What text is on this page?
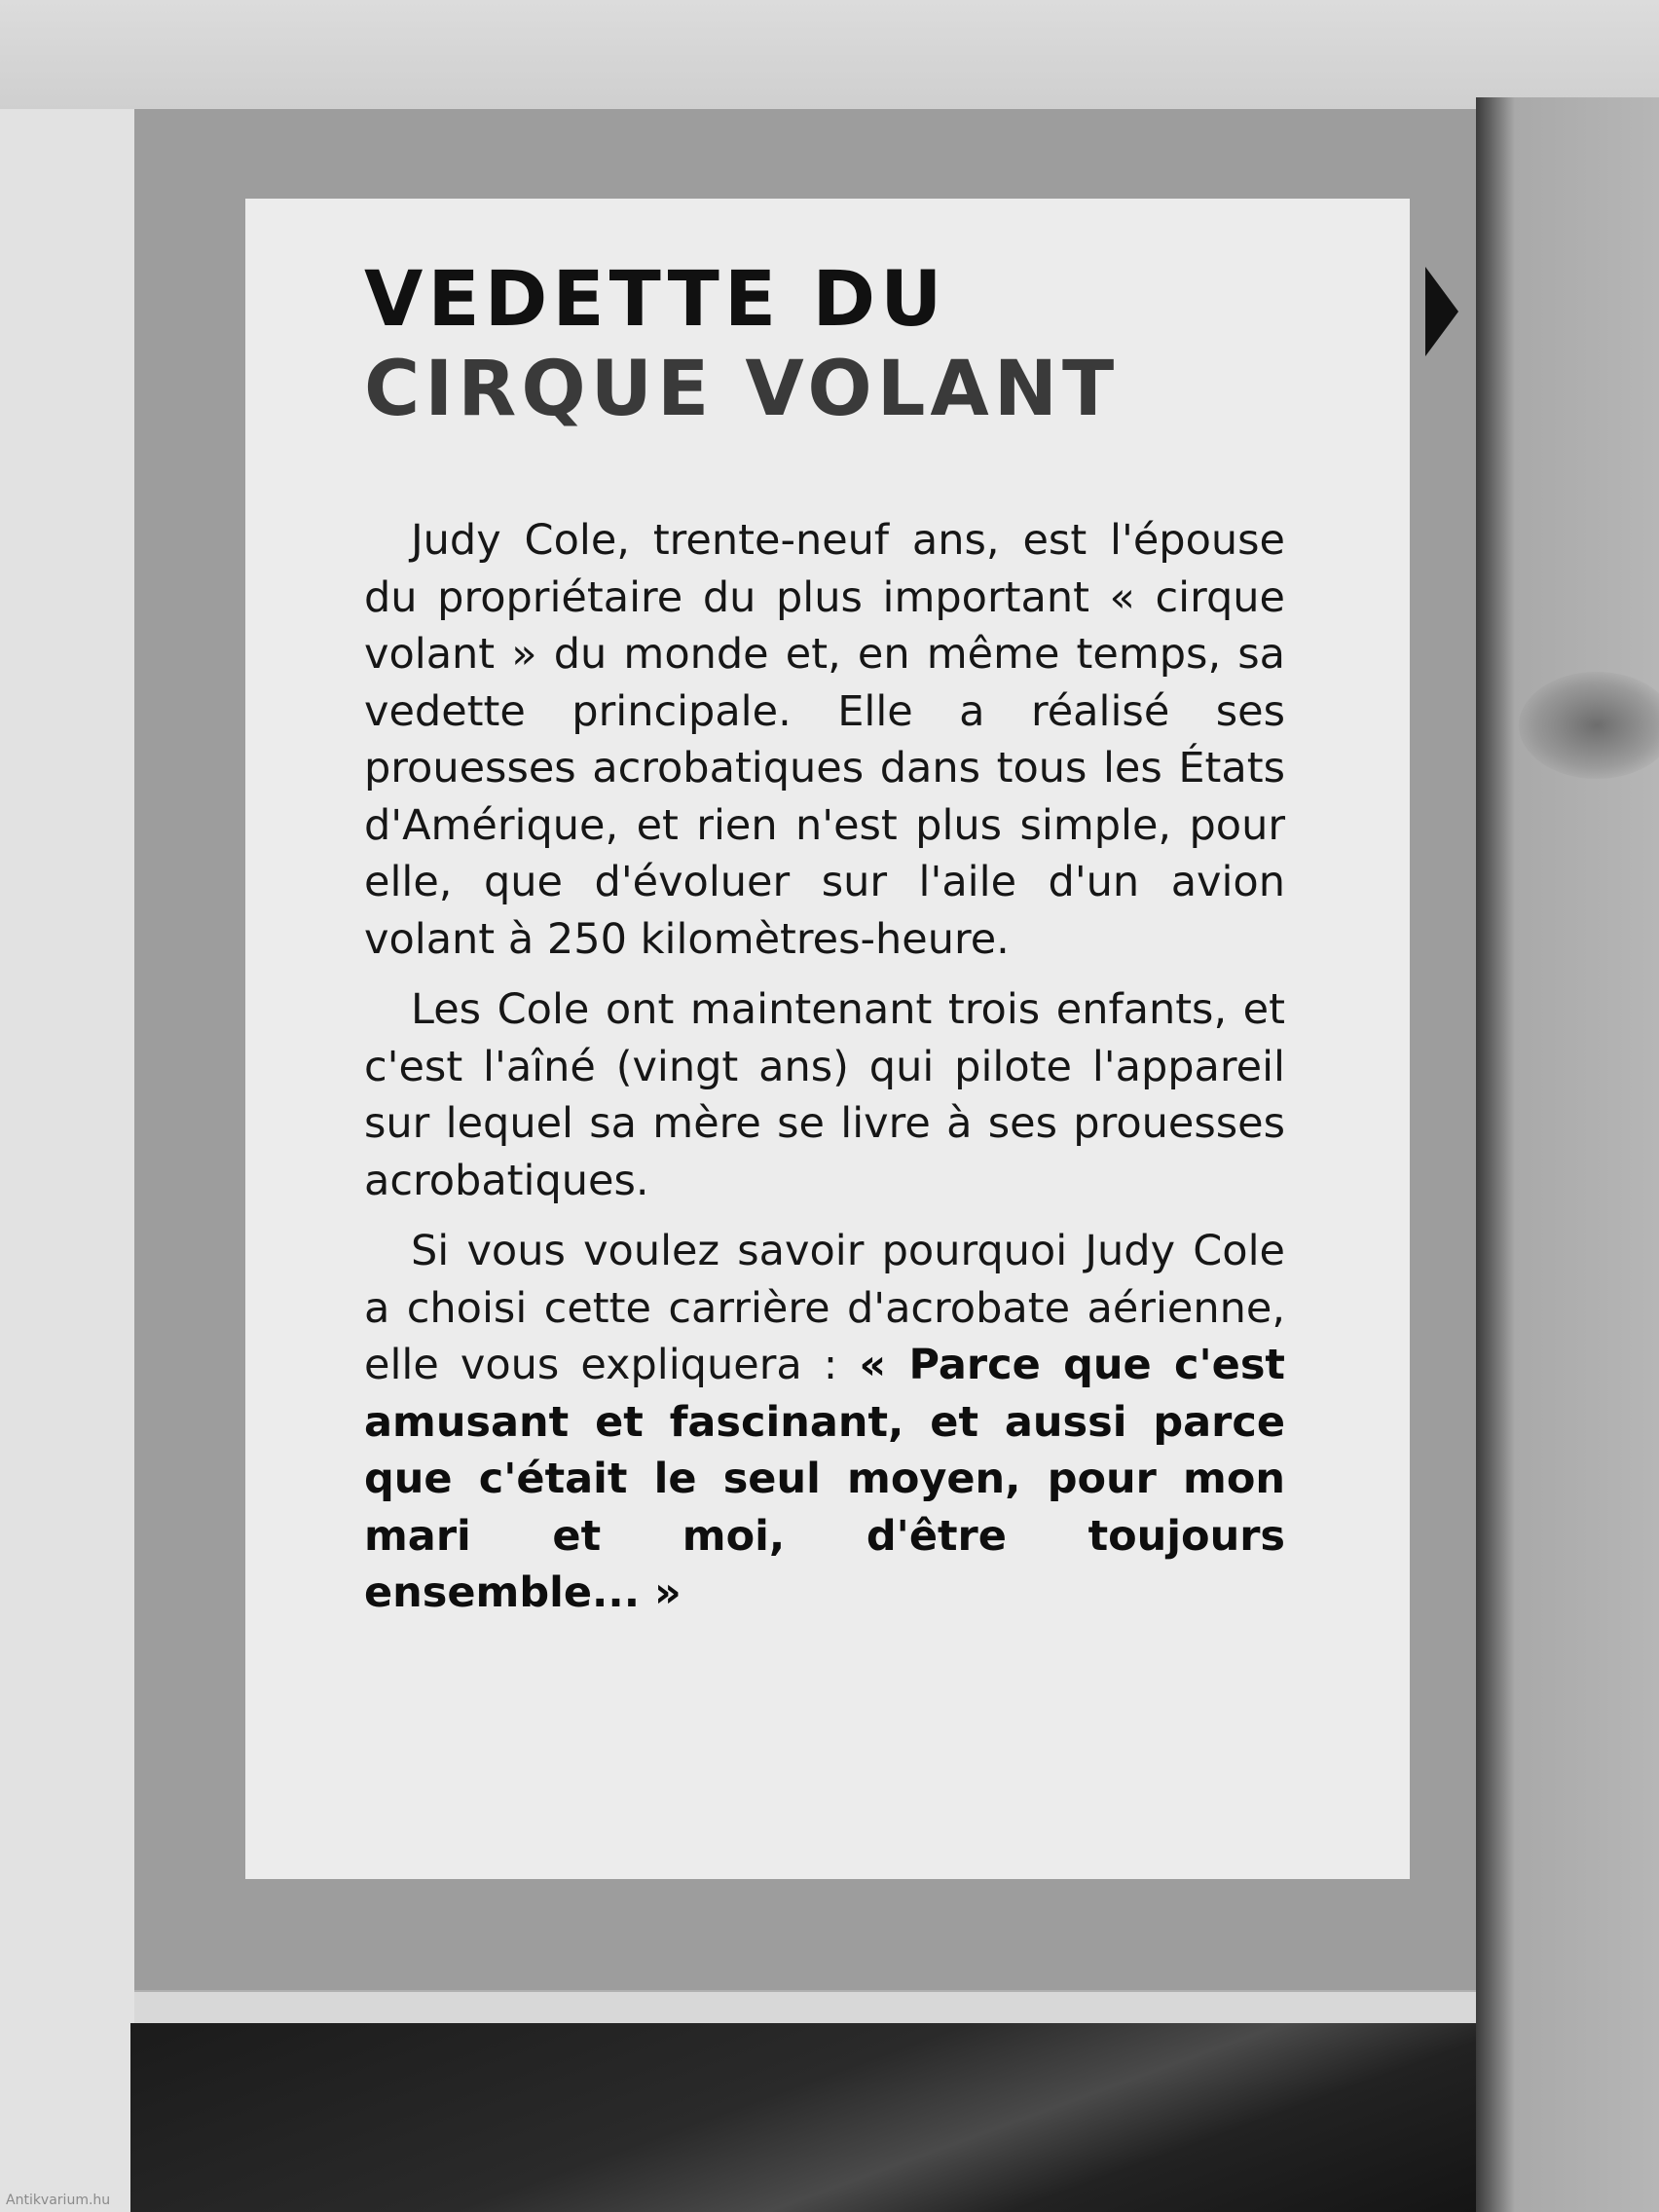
VEDETTE DU
CIRQUE VOLANT

Judy Cole, trente-neuf ans, est l'épouse du propriétaire du plus important « cirque volant » du monde et, en même temps, sa vedette principale. Elle a réalisé ses prouesses acrobatiques dans tous les États d'Amérique, et rien n'est plus simple, pour elle, que d'évoluer sur l'aile d'un avion volant à 250 kilomètres-heure.

Les Cole ont maintenant trois enfants, et c'est l'aîné (vingt ans) qui pilote l'appareil sur lequel sa mère se livre à ses prouesses acrobatiques.

Si vous voulez savoir pourquoi Judy Cole a choisi cette carrière d'acrobate aérienne, elle vous expliquera : « Parce que c'est amusant et fascinant, et aussi parce que c'était le seul moyen, pour mon mari et moi, d'être toujours ensemble... »

Antikvarium.hu
